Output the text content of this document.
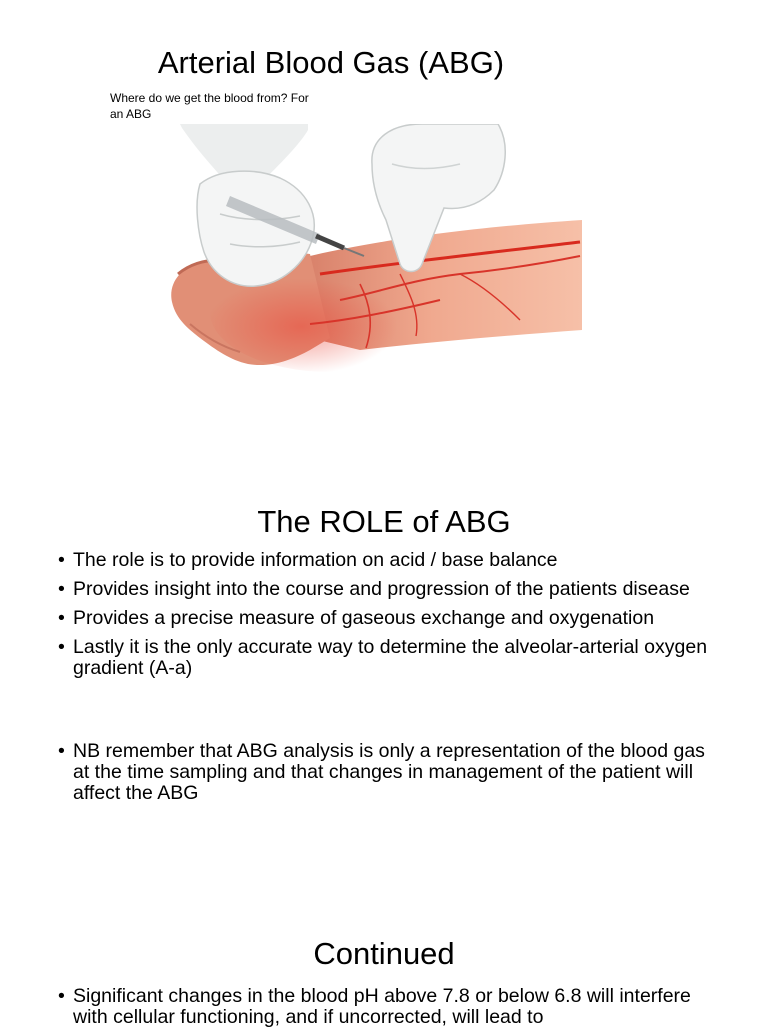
Arterial Blood Gas (ABG)
Where do we get the blood from? For an ABG
The ROLE of ABG
• The role is to provide information on acid / base balance
• Provides insight into the course and progression of the patients disease
• Provides a precise measure of gaseous exchange and oxygenation
• Lastly it is the only accurate way to determine the alveolar-arterial oxygen gradient (A-a)
• NB remember that ABG analysis is only a representation of the blood gas at the time sampling and that changes in management of the patient will affect the ABG
Continued
• Significant changes in the blood pH above 7.8 or below 6.8 will interfere with cellular functioning, and if uncorrected, will lead to
